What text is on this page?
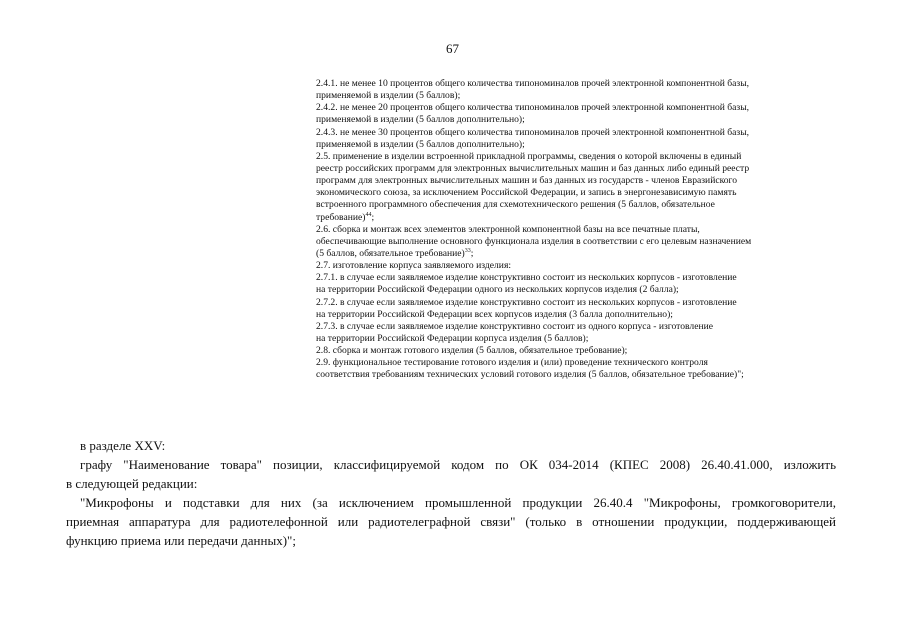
67
2.4.1. не менее 10 процентов общего количества типономиналов прочей электронной компонентной базы,
применяемой в изделии (5 баллов);
2.4.2. не менее 20 процентов общего количества типономиналов прочей электронной компонентной базы,
применяемой в изделии (5 баллов дополнительно);
2.4.3. не менее 30 процентов общего количества типономиналов прочей электронной компонентной базы,
применяемой в изделии (5 баллов дополнительно);
2.5. применение в изделии встроенной прикладной программы, сведения о которой включены в единый
реестр российских программ для электронных вычислительных машин и баз данных либо единый реестр
программ для электронных вычислительных машин и баз данных из государств - членов Евразийского
экономического союза, за исключением Российской Федерации, и запись в энергонезависимую память
встроенного программного обеспечения для схемотехнического решения (5 баллов, обязательное
требование)$^{44}$;
2.6. сборка и монтаж всех элементов электронной компонентной базы на все печатные платы,
обеспечивающие выполнение основного функционала изделия в соответствии с его целевым назначением
(5 баллов, обязательное требование)$^{33}$;
2.7. изготовление корпуса заявляемого изделия:
2.7.1. в случае если заявляемое изделие конструктивно состоит из нескольких корпусов - изготовление
на территории Российской Федерации одного из нескольких корпусов изделия (2 балла);
2.7.2. в случае если заявляемое изделие конструктивно состоит из нескольких корпусов - изготовление
на территории Российской Федерации всех корпусов изделия (3 балла дополнительно);
2.7.3. в случае если заявляемое изделие конструктивно состоит из одного корпуса - изготовление
на территории Российской Федерации корпуса изделия (5 баллов);
2.8. сборка и монтаж готового изделия (5 баллов, обязательное требование);
2.9. функциональное тестирование готового изделия и (или) проведение технического контроля
соответствия требованиям технических условий готового изделия (5 баллов, обязательное требование)";
в разделе XXV:
графу "Наименование товара" позиции, классифицируемой кодом по ОК 034-2014 (КПЕС 2008) 26.40.41.000, изложить
в следующей редакции:
"Микрофоны и подставки для них (за исключением промышленной продукции 26.40.4 "Микрофоны, громкоговорители,
приемная аппаратура для радиотелефонной или радиотелеграфной связи" (только в отношении продукции, поддерживающей
функцию приема или передачи данных)";
